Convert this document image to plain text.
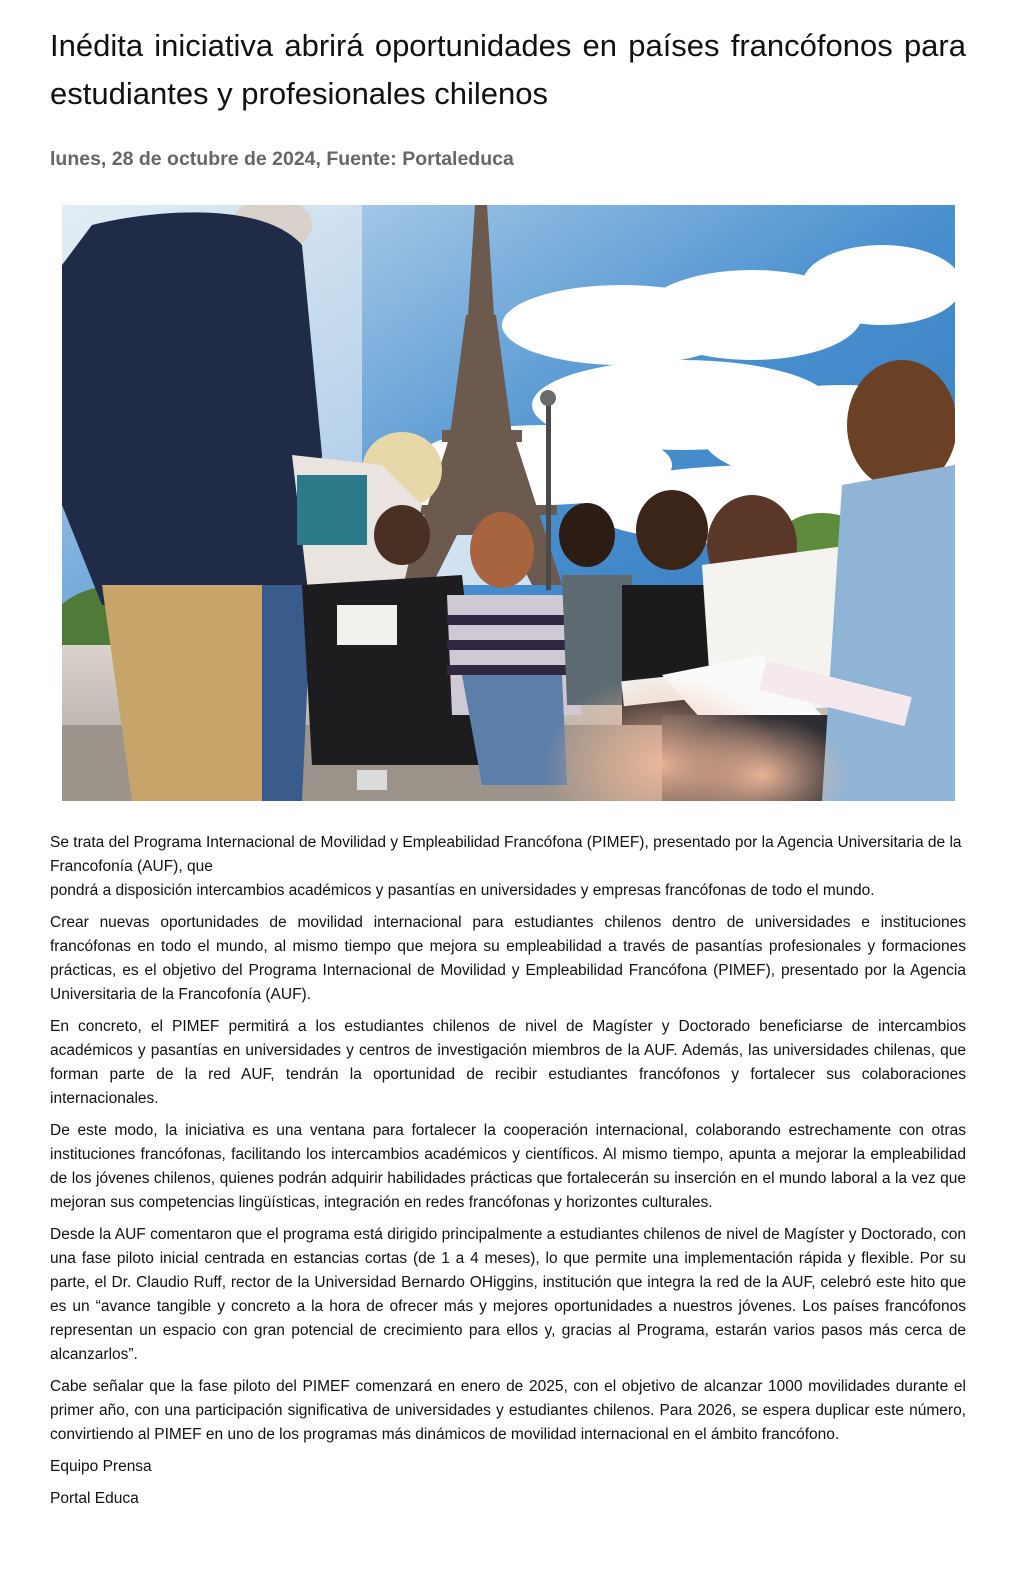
Inédita iniciativa abrirá oportunidades en países francófonos para estudiantes y profesionales chilenos
lunes, 28 de octubre de 2024, Fuente: Portaleduca

Se trata del Programa Internacional de Movilidad y Empleabilidad Francófona (PIMEF), presentado por la Agencia Universitaria de la Francofonía (AUF), que
pondrá a disposición intercambios académicos y pasantías en universidades y empresas francófonas de todo el mundo.

Crear nuevas oportunidades de movilidad internacional para estudiantes chilenos dentro de universidades e instituciones francófonas en todo el mundo, al mismo tiempo que mejora su empleabilidad a través de pasantías profesionales y formaciones prácticas, es el objetivo del Programa Internacional de Movilidad y Empleabilidad Francófona (PIMEF), presentado por la Agencia Universitaria de la Francofonía (AUF).

En concreto, el PIMEF permitirá a los estudiantes chilenos de nivel de Magíster y Doctorado beneficiarse de intercambios académicos y pasantías en universidades y centros de investigación miembros de la AUF. Además, las universidades chilenas, que forman parte de la red AUF, tendrán la oportunidad de recibir estudiantes francófonos y fortalecer sus colaboraciones internacionales.

De este modo, la iniciativa es una ventana para fortalecer la cooperación internacional, colaborando estrechamente con otras instituciones francófonas, facilitando los intercambios académicos y científicos. Al mismo tiempo, apunta a mejorar la empleabilidad de los jóvenes chilenos, quienes podrán adquirir habilidades prácticas que fortalecerán su inserción en el mundo laboral a la vez que mejoran sus competencias lingüísticas, integración en redes francófonas y horizontes culturales.

Desde la AUF comentaron que el programa está dirigido principalmente a estudiantes chilenos de nivel de Magíster y Doctorado, con una fase piloto inicial centrada en estancias cortas (de 1 a 4 meses), lo que permite una implementación rápida y flexible. Por su parte, el Dr. Claudio Ruff, rector de la Universidad Bernardo OHiggins, institución que integra la red de la AUF, celebró este hito que es un “avance tangible y concreto a la hora de ofrecer más y mejores oportunidades a nuestros jóvenes. Los países francófonos representan un espacio con gran potencial de crecimiento para ellos y, gracias al Programa, estarán varios pasos más cerca de alcanzarlos”.

Cabe señalar que la fase piloto del PIMEF comenzará en enero de 2025, con el objetivo de alcanzar 1000 movilidades durante el primer año, con una participación significativa de universidades y estudiantes chilenos. Para 2026, se espera duplicar este número, convirtiendo al PIMEF en uno de los programas más dinámicos de movilidad internacional en el ámbito francófono.

Equipo Prensa

Portal Educa
